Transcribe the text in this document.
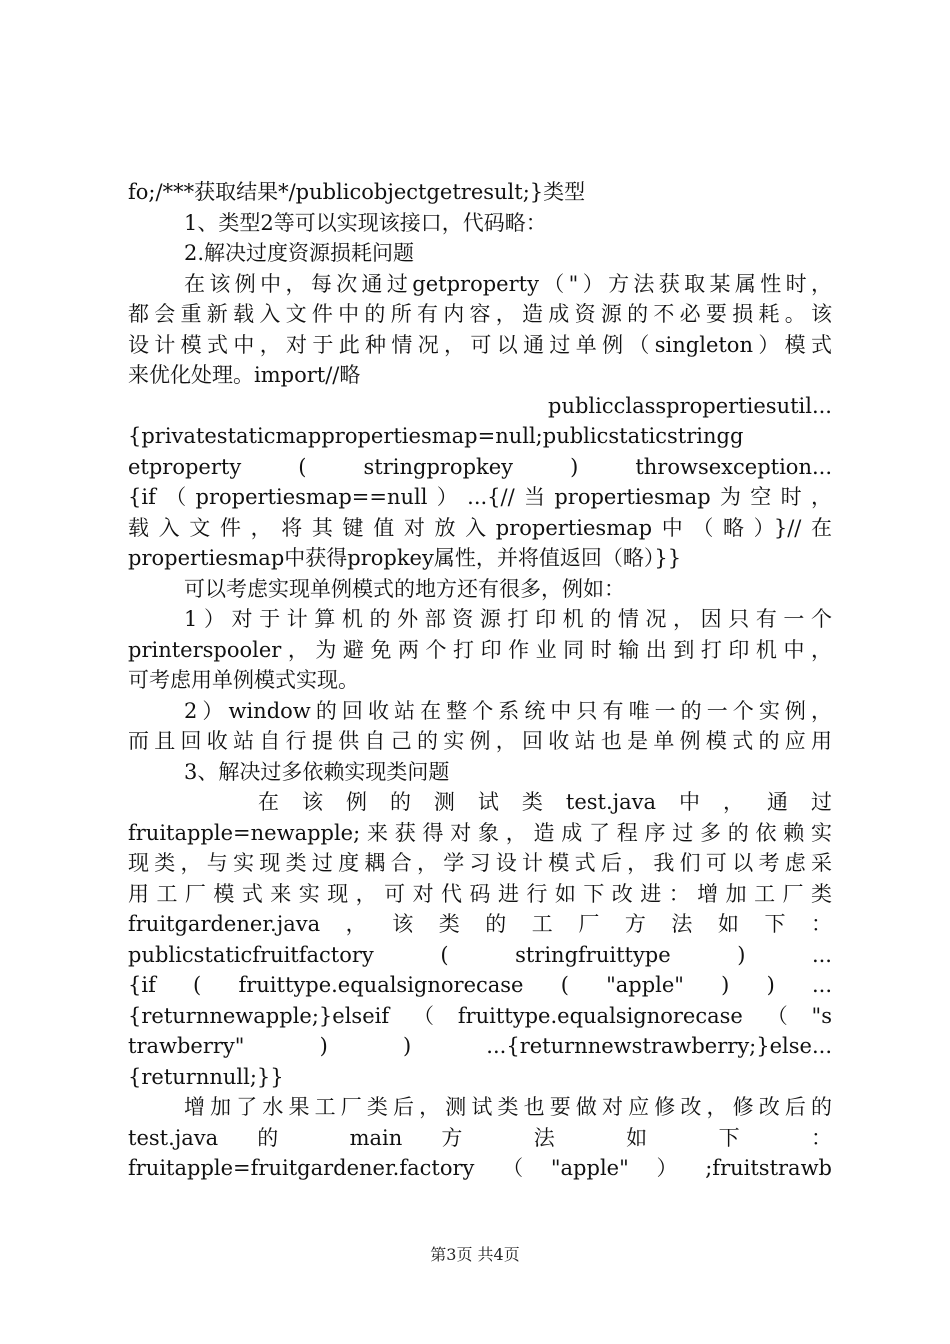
fo;/***获取结果*/publicobjectgetresult;}类型
1、类型2等可以实现该接口，代码略：
2.解决过度资源损耗问题
在该例中，每次通过getproperty（"）方法获取某属性时，
都会重新载入文件中的所有内容，造成资源的不必要损耗。该
设计模式中，对于此种情况，可以通过单例（singleton）模式
来优化处理。import//略
publicclasspropertiesutil...
{privatestaticmappropertiesmap=null;publicstaticstringg
etproperty ( stringpropkey ) throwsexception...
{if（propertiesmap==null）...{//当propertiesmap为空时，
载入文件，将其键值对放入propertiesmap中（略）}//在
propertiesmap中获得propkey属性，并将值返回（略）}}
可以考虑实现单例模式的地方还有很多，例如：
1）对于计算机的外部资源打印机的情况，因只有一个
printerspooler，为避免两个打印作业同时输出到打印机中，
可考虑用单例模式实现。
2）window的回收站在整个系统中只有唯一的一个实例，
而且回收站自行提供自己的实例，回收站也是单例模式的应用
3、解决过多依赖实现类问题
在该例的测试类test.java中，通过
fruitapple=newapple;来获得对象，造成了程序过多的依赖实
现类，与实现类过度耦合，学习设计模式后，我们可以考虑采
用工厂模式来实现，可对代码进行如下改进：增加工厂类
fruitgardener.java，该类的工厂方法如下：
publicstaticfruitfactory ( stringfruittype ) ...
{if ( fruittype.equalsignorecase ( "apple" ) ) ...
{returnnewapple;}elseif（fruittype.equalsignorecase（"s
trawberry" ) ) ...{returnnewstrawberry;}else...
{returnnull;}}
增加了水果工厂类后，测试类也要做对应修改，修改后的
test.java 的 main 方 法 如 下 ：
fruitapple=fruitgardener.factory（"apple"）;fruitstrawb
第3页 共4页
